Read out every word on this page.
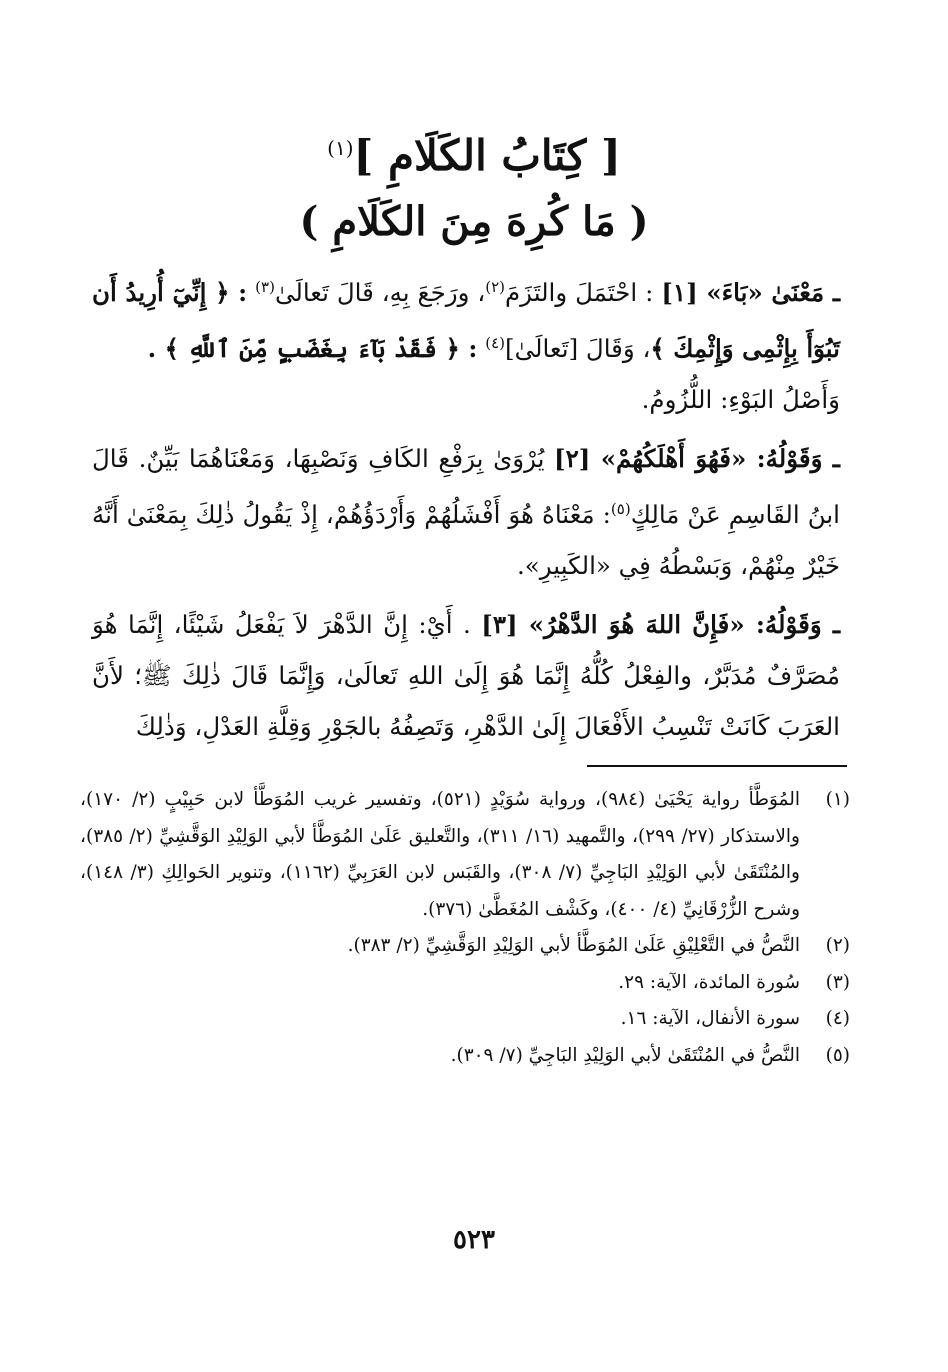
[ كِتَابُ الكَلَامِ ]$^{(١)}$
( مَا كُرِهَ مِنَ الكَلَامِ )

ـ مَعْنَىٰ «بَاءَ» [١] : احْتَمَلَ والتَزَمَ$^{(٢)}$، ورَجَعَ بِهِ، قَالَ تَعالَىٰ$^{(٣)}$ : ﴿ إِنِّيٓ أُرِيدُ أَن تَبُوٓأَ بِإِثْمِى وَإِثْمِكَ ﴾، وَقَالَ [تَعالَىٰ]$^{(٤)}$ : ﴿ فَقَدْ بَآءَ بِغَضَبٍ مِّنَ ٱللَّهِ ﴾ .
وَأَصْلُ البَوْءِ: اللُّزُومُ.

ـ وَقَوْلُهُ: «فَهُوَ أَهْلَكُهُمْ» [٢] يُرْوَىٰ بِرَفْعِ الكَافِ وَنَصْبِهَا، وَمَعْنَاهُمَا بَيِّنٌ. قَالَ ابنُ القَاسِمِ عَنْ مَالِكٍ$^{(٥)}$: مَعْنَاهُ هُوَ أَفْشَلُهُمْ وَأَرْدَؤُهُمْ، إِذْ يَقُولُ ذٰلِكَ بِمَعْنَىٰ أَنَّهُ خَيْرٌ مِنْهُمْ، وَبَسْطُهُ فِي «الكَبِيرِ».

ـ وَقَوْلُهُ: «فَإِنَّ اللهَ هُوَ الدَّهْرُ» [٣] . أَيْ: إِنَّ الدَّهْرَ لاَ يَفْعَلُ شَيْئًا، إِنَّمَا هُوَ مُصَرَّفٌ مُدَبَّرٌ، والفِعْلُ كُلُّهُ إِنَّمَا هُوَ إِلَىٰ اللهِ تَعالَىٰ، وَإِنَّمَا قَالَ ذٰلِكَ ﷺ؛ لأَنَّ العَرَبَ كَانَتْ تَنْسِبُ الأَفْعَالَ إِلَىٰ الدَّهْرِ، وَتَصِفُهُ بالجَوْرِ وَقِلَّةِ العَدْلِ، وَذٰلِكَ

(١)
المُوَطَّأ رواية يَحْيَىٰ (٩٨٤)، ورواية سُوَيْدٍ (٥٢١)، وتفسير غريب المُوَطَّأ لابن حَبِيْبٍ (٢/ ١٧٠)، والاستذكار (٢٧/ ٢٩٩)، والتَّمهيد (١٦/ ٣١١)، والتَّعليق عَلَىٰ المُوَطَّأ لأبي الوَلِيْدِ الوَقَّشِيِّ (٢/ ٣٨٥)، والمُنْتَقَىٰ لأبي الوَلِيْدِ البَاجِيِّ (٧/ ٣٠٨)، والقَبَس لابن العَرَبِيِّ (١١٦٢)، وتنوير الحَوالِكِ (٣/ ١٤٨)، وشرح الزُّرْقَانِيِّ (٤/ ٤٠٠)، وكَشْف المُغَطَّىٰ (٣٧٦).
(٢)
النَّصُّ في التَّعْلِيْقِ عَلَىٰ المُوَطَّأ لأبي الوَلِيْدِ الوَقَّشِيِّ (٢/ ٣٨٣).
(٣)
سُورة المائدة، الآية: ٢٩.
(٤)
سورة الأنفال، الآية: ١٦.
(٥)
النَّصُّ في المُنْتَقَىٰ لأبي الوَلِيْدِ البَاجِيِّ (٧/ ٣٠٩).
٥٢٣
